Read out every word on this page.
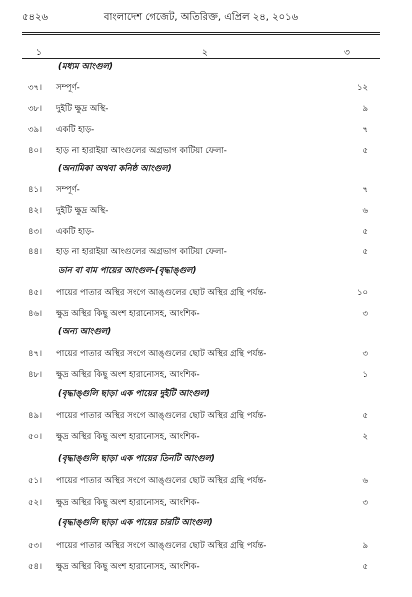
৫৪২৬	বাংলাদেশ গেজেট, অতিরিক্ত, এপ্রিল ২৪, ২০১৬
১	২	৩
(মধ্যম আংগুল)
৩৭। সম্পূর্ণ-	১২
৩৮। দুইটি ক্ষুদ্র অস্থি-	৯
৩৯। একটি হাড়-	৭
৪০। হাড় না হারাইয়া আংগুলের অগ্রভাগ কাটিয়া ফেলা-	৫
(অনামিকা অথবা কনিষ্ঠ আংগুল)
৪১। সম্পূর্ণ-	৭
৪২। দুইটি ক্ষুদ্র অস্থি-	৬
৪৩। একটি হাড়-	৫
৪৪। হাড় না হারাইয়া আংগুলের অগ্রভাগ কাটিয়া ফেলা-	৫
ডান বা বাম পায়ের আংগুল-(বৃদ্ধাঙ্গুল)
৪৫। পায়ের পাতার অস্থির সংগে আঙ্গুলের ছোট অস্থির গ্রন্থি পর্যন্ত-	১০
৪৬। ক্ষুদ্র অস্থির কিছু অংশ হারানোসহ, আংশিক-	৩
(অন্য আংগুল)
৪৭। পায়ের পাতার অস্থির সংগে আঙ্গুলের ছোট অস্থির গ্রন্থি পর্যন্ত-	৩
৪৮। ক্ষুদ্র অস্থির কিছু অংশ হারানোসহ, আংশিক-	১
(বৃদ্ধাঙ্গুলি ছাড়া এক পায়ের দুইটি আংগুল)
৪৯। পায়ের পাতার অস্থির সংগে আঙ্গুলের ছোট অস্থির গ্রন্থি পর্যন্ত-	৫
৫০। ক্ষুদ্র অস্থির কিছু অংশ হারানোসহ, আংশিক-	২
(বৃদ্ধাঙ্গুলি ছাড়া এক পায়ের তিনটি আংগুল)
৫১। পায়ের পাতার অস্থির সংগে আঙ্গুলের ছোট অস্থির গ্রন্থি পর্যন্ত-	৬
৫২। ক্ষুদ্র অস্থির কিছু অংশ হারানোসহ, আংশিক-	৩
(বৃদ্ধাঙ্গুলি ছাড়া এক পায়ের চারটি আংগুল)
৫৩। পায়ের পাতার অস্থির সংগে আঙ্গুলের ছোট অস্থির গ্রন্থি পর্যন্ত-	৯
৫৪। ক্ষুদ্র অস্থির কিছু অংশ হারানোসহ, আংশিক-	৫
